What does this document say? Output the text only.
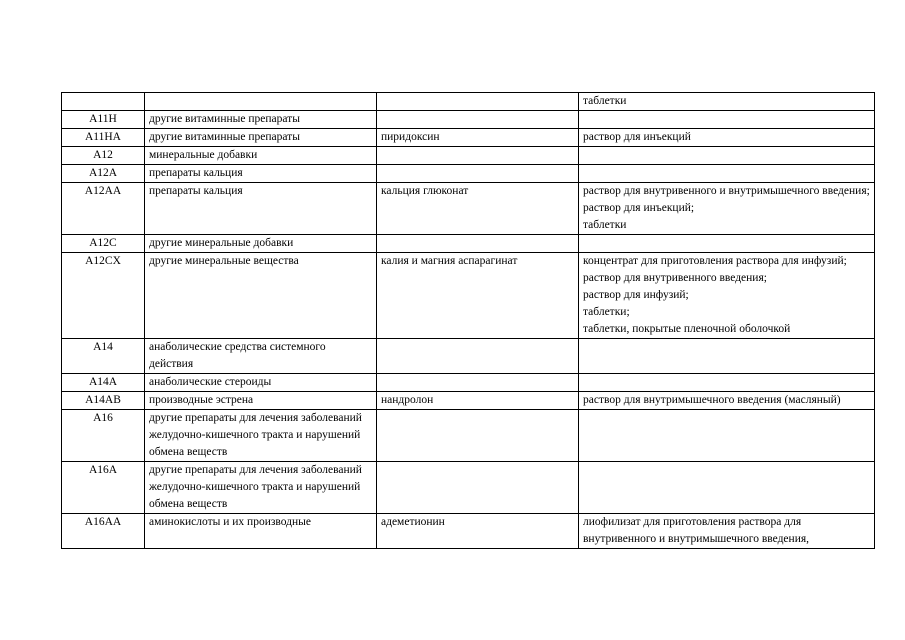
			таблетки

A11H	другие витаминные препараты		
A11HA	другие витаминные препараты	пиридоксин	раствор для инъекций

A12	минеральные добавки		
A12A	препараты кальция		
A12AA	препараты кальция	кальция глюконат	раствор для внутривенного и внутримышечного введения;
раствор для инъекций;
таблетки

A12C	другие минеральные добавки		
A12CX	другие минеральные вещества	калия и магния аспарагинат	концентрат для приготовления раствора для инфузий;
раствор для внутривенного введения;
раствор для инфузий;
таблетки;
таблетки, покрытые пленочной оболочкой

A14	анаболические средства системного действия		
A14A	анаболические стероиды		
A14AB	производные эстрена	нандролон	раствор для внутримышечного введения (масляный)

A16	другие препараты для лечения заболеваний желудочно-кишечного тракта и нарушений обмена веществ		
A16A	другие препараты для лечения заболеваний желудочно-кишечного тракта и нарушений обмена веществ		
A16AA	аминокислоты и их производные	адеметионин	лиофилизат для приготовления раствора для внутривенного и внутримышечного введения,
